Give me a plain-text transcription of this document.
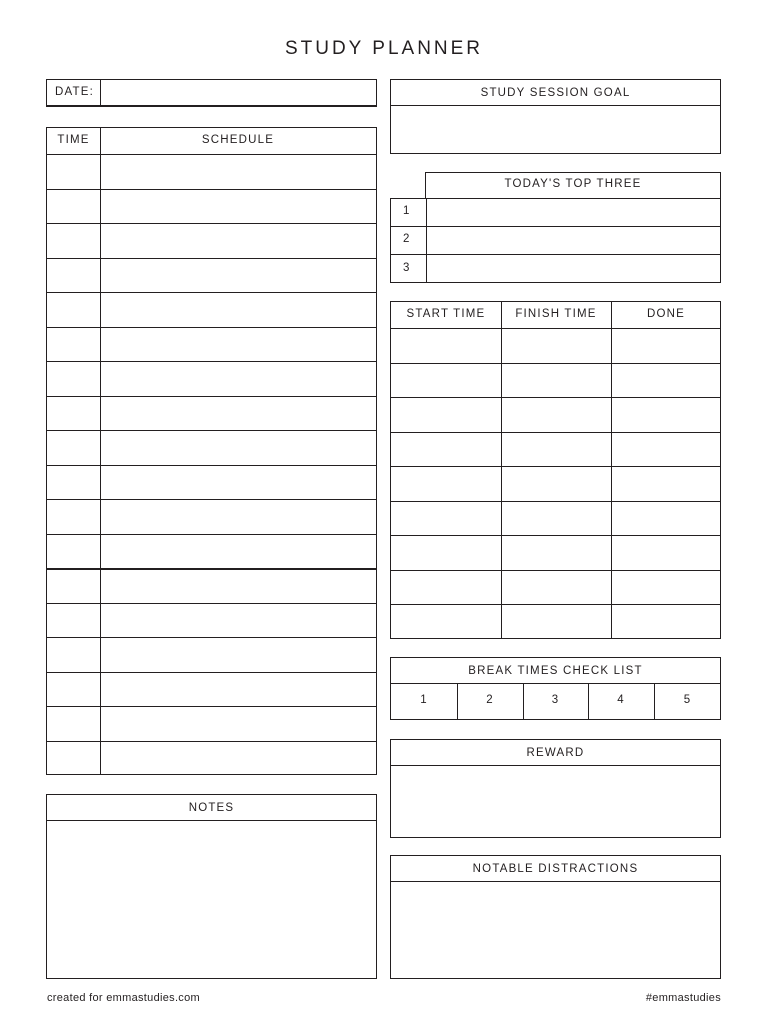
STUDY PLANNER
DATE:
TIME	SCHEDULE
NOTES
STUDY SESSION GOAL
TODAY'S TOP THREE
1
2
3
START TIME	FINISH TIME	DONE
BREAK TIMES CHECK LIST
1	2	3	4	5
REWARD
NOTABLE DISTRACTIONS
created for emmastudies.com	#emmastudies
